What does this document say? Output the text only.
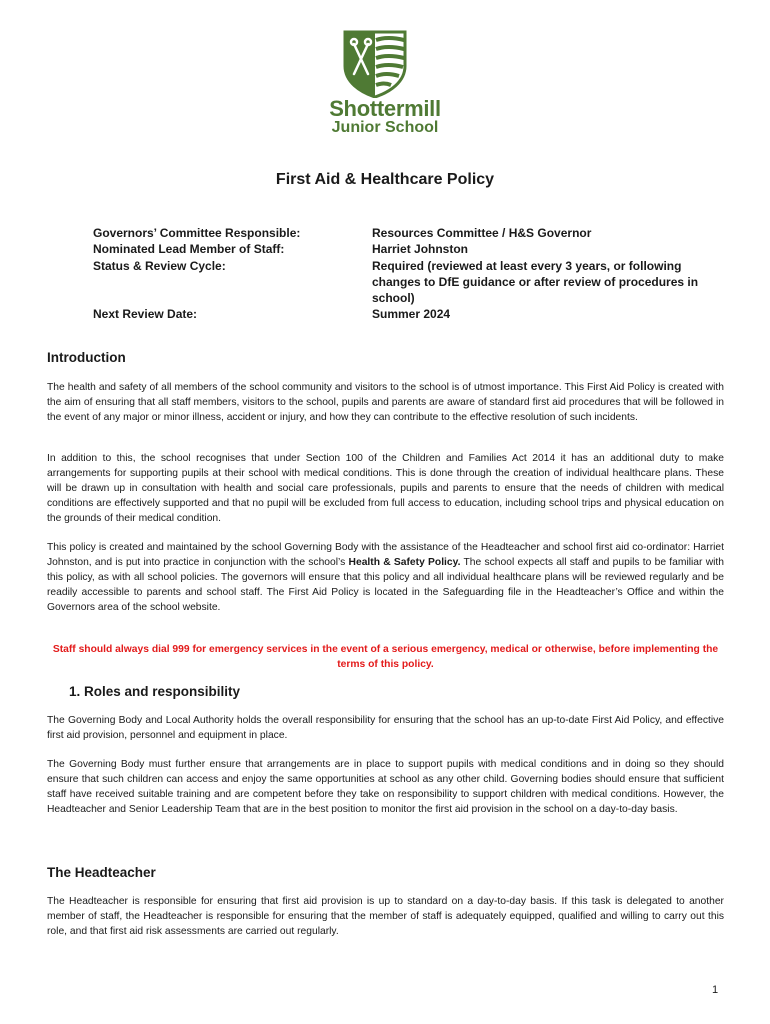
Shottermill
Junior School
First Aid & Healthcare Policy
Governors’ Committee Responsible:	Resources Committee / H&S Governor
Nominated Lead Member of Staff:	Harriet Johnston
Status & Review Cycle:	Required (reviewed at least every 3 years, or following changes to DfE guidance or after review of procedures in school)
Next Review Date:	Summer 2024
Introduction
The health and safety of all members of the school community and visitors to the school is of utmost importance. This First Aid Policy is created with the aim of ensuring that all staff members, visitors to the school, pupils and parents are aware of standard first aid procedures that will be followed in the event of any major or minor illness, accident or injury, and how they can contribute to the effective resolution of such incidents.
In addition to this, the school recognises that under Section 100 of the Children and Families Act 2014 it has an additional duty to make arrangements for supporting pupils at their school with medical conditions. This is done through the creation of individual healthcare plans. These will be drawn up in consultation with health and social care professionals, pupils and parents to ensure that the needs of children with medical conditions are effectively supported and that no pupil will be excluded from full access to education, including school trips and physical education on the grounds of their medical condition.
This policy is created and maintained by the school Governing Body with the assistance of the Headteacher and school first aid co-ordinator: Harriet Johnston, and is put into practice in conjunction with the school’s Health & Safety Policy. The school expects all staff and pupils to be familiar with this policy, as with all school policies. The governors will ensure that this policy and all individual healthcare plans will be reviewed regularly and be readily accessible to parents and school staff. The First Aid Policy is located in the Safeguarding file in the Headteacher’s Office and within the Governors area of the school website.
Staff should always dial 999 for emergency services in the event of a serious emergency, medical or otherwise, before implementing the terms of this policy.
1. Roles and responsibility
The Governing Body and Local Authority holds the overall responsibility for ensuring that the school has an up-to-date First Aid Policy, and effective first aid provision, personnel and equipment in place.
The Governing Body must further ensure that arrangements are in place to support pupils with medical conditions and in doing so they should ensure that such children can access and enjoy the same opportunities at school as any other child. Governing bodies should ensure that sufficient staff have received suitable training and are competent before they take on responsibility to support children with medical conditions. However, the Headteacher and Senior Leadership Team that are in the best position to monitor the first aid provision in the school on a day-to-day basis.
The Headteacher
The Headteacher is responsible for ensuring that first aid provision is up to standard on a day-to-day basis. If this task is delegated to another member of staff, the Headteacher is responsible for ensuring that the member of staff is adequately equipped, qualified and willing to carry out this role, and that first aid risk assessments are carried out regularly.
1
